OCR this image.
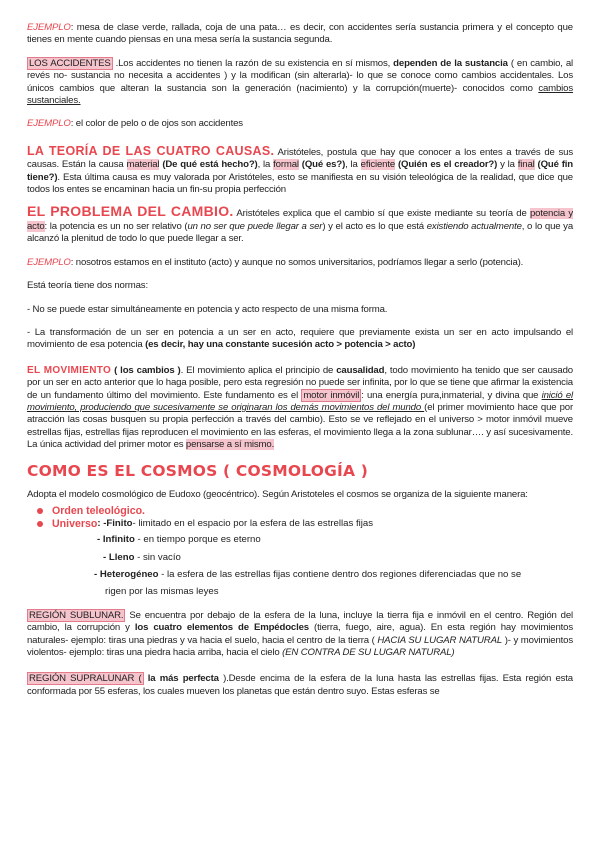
EJEMPLO: mesa de clase verde, rallada, coja de una pata… es decir, con accidentes sería sustancia primera y el concepto que tienes en mente cuando piensas en una mesa sería la sustancia segunda.

LOS ACCIDENTES .Los accidentes no tienen la razón de su existencia en sí mismos, dependen de la sustancia ( en cambio, al revés no- sustancia no necesita a accidentes ) y la modifican (sin alterarla)- lo que se conoce como cambios accidentales. Los únicos cambios que alteran la sustancia son la generación (nacimiento) y la corrupción(muerte)- conocidos como cambios sustanciales.

EJEMPLO: el color de pelo o de ojos son accidentes

LA TEORÍA DE LAS CUATRO CAUSAS. Aristóteles, postula que hay que conocer a los entes a través de sus causas. Están la causa material (De qué está hecho?), la formal (Qué es?), la eficiente (Quién es el creador?) y la final (Qué fin tiene?). Esta última causa es muy valorada por Aristóteles, esto se manifiesta en su visión teleológica de la realidad, que dice que todos los entes se encaminan hacia un fin-su propia perfección

EL PROBLEMA DEL CAMBIO. Aristóteles explica que el cambio sí que existe mediante su teoría de potencia y acto: la potencia es un no ser relativo (un no ser que puede llegar a ser) y el acto es lo que está existiendo actualmente, o lo que ya alcanzó la plenitud de todo lo que puede llegar a ser.

EJEMPLO: nosotros estamos en el instituto (acto) y aunque no somos universitarios, podríamos llegar a serlo (potencia).

Está teoría tiene dos normas:

- No se puede estar simultáneamente en potencia y acto respecto de una misma forma.

- La transformación de un ser en potencia a un ser en acto, requiere que previamente exista un ser en acto impulsando el movimiento de esa potencia (es decir, hay una constante sucesión acto > potencia > acto)

EL MOVIMIENTO ( los cambios ). El movimiento aplica el principio de causalidad, todo movimiento ha tenido que ser causado por un ser en acto anterior que lo haga posible, pero esta regresión no puede ser infinita, por lo que se tiene que afirmar la existencia de un fundamento último del movimiento. Este fundamento es el motor inmóvil : una energía pura,inmaterial, y divina que inició el movimiento, produciendo que sucesivamente se originaran los demás movimientos del mundo (el primer movimiento hace que por atracción las cosas busquen su propia perfección a través del cambio). Esto se ve reflejado en el universo > motor inmóvil mueve estrellas fijas, estrellas fijas reproducen el movimiento en las esferas, el movimiento llega a la zona sublunar…. y así sucesivamente. La única actividad del primer motor es pensarse a sí mismo.

COMO ES EL COSMOS ( COSMOLOGÍA )

Adopta el modelo cosmológico de Eudoxo (geocéntrico). Según Aristoteles el cosmos se organiza de la siguiente manera:

Orden teleológico.
Universo : - Finito - limitado en el espacio por la esfera de las estrellas fijas
- Infinito - en tiempo porque es eterno
- Lleno - sin vacío
- Heterogéneo - la esfera de las estrellas fijas contiene dentro dos regiones diferenciadas que no se
rigen por las mismas leyes

REGIÓN SUBLUNAR. Se encuentra por debajo de la esfera de la luna, incluye la tierra fija e inmóvil en el centro. Región del cambio, la corrupción y los cuatro elementos de Empédocles (tierra, fuego, aire, agua). En esta región hay movimientos naturales- ejemplo: tiras una piedras y va hacia el suelo, hacia el centro de la tierra ( HACIA SU LUGAR NATURAL )- y movimientos violentos- ejemplo: tiras una piedra hacia arriba, hacia el cielo (EN CONTRA DE SU LUGAR NATURAL)

REGIÓN SUPRALUNAR ( la más perfecta ).Desde encima de la esfera de la luna hasta las estrellas fijas. Esta región esta conformada por 55 esferas, los cuales mueven los planetas que están dentro suyo. Estas esferas se
